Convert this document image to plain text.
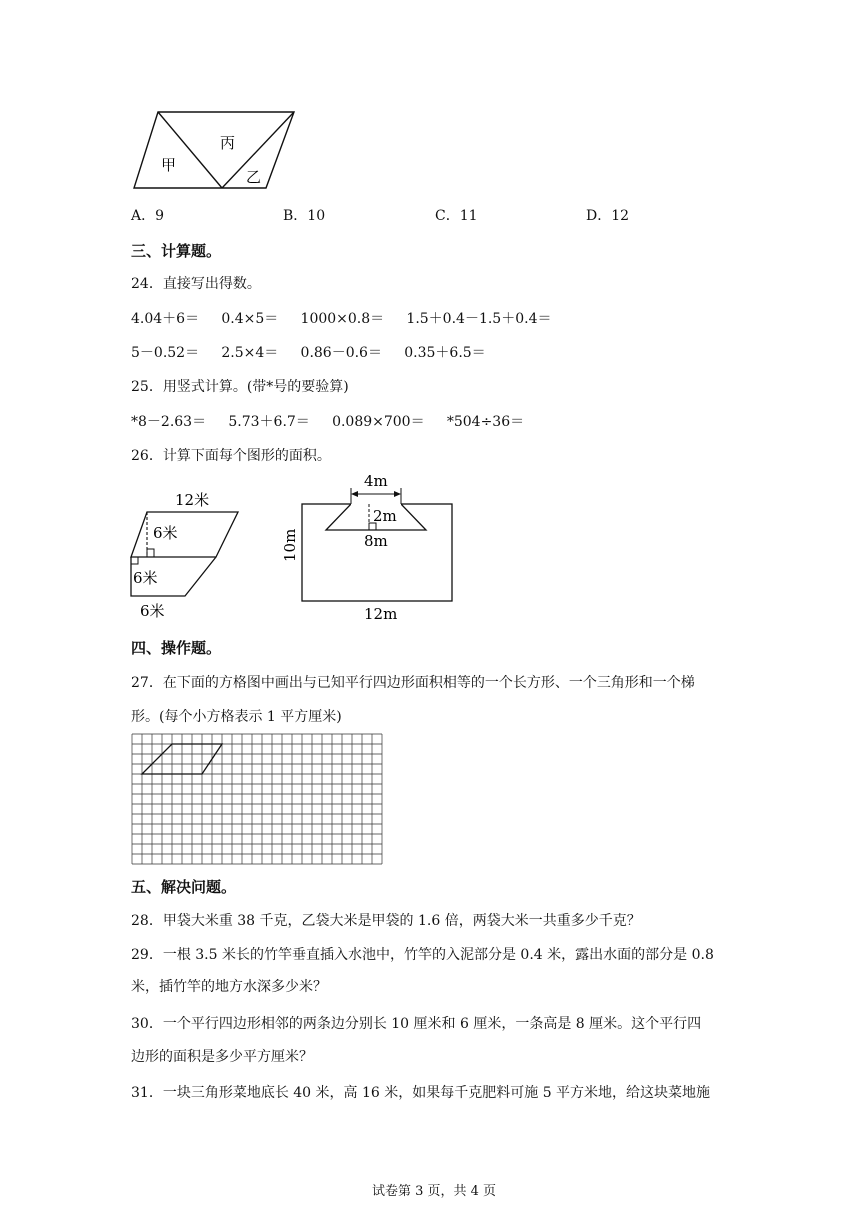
丙
甲
乙
A．9	B．10	C．11	D．12
三、计算题。
24．直接写出得数。
4.04＋6＝ 0.4×5＝ 1000×0.8＝ 1.5＋0.4－1.5＋0.4＝
5－0.52＝ 2.5×4＝ 0.86－0.6＝ 0.35＋6.5＝
25．用竖式计算。(带*号的要验算)
*8－2.63＝ 5.73＋6.7＝ 0.089×700＝ *504÷36＝
26．计算下面每个图形的面积。
12米
6米
6米
6米
4m
2m
8m
10m
12m
四、操作题。
27．在下面的方格图中画出与已知平行四边形面积相等的一个长方形、一个三角形和一个梯
形。(每个小方格表示 1 平方厘米)
五、解决问题。
28．甲袋大米重 38 千克，乙袋大米是甲袋的 1.6 倍，两袋大米一共重多少千克？
29．一根 3.5 米长的竹竿垂直插入水池中，竹竿的入泥部分是 0.4 米，露出水面的部分是 0.8
米，插竹竿的地方水深多少米？
30．一个平行四边形相邻的两条边分别长 10 厘米和 6 厘米，一条高是 8 厘米。这个平行四
边形的面积是多少平方厘米？
31．一块三角形菜地底长 40 米，高 16 米，如果每千克肥料可施 5 平方米地，给这块菜地施
试卷第 3 页，共 4 页
